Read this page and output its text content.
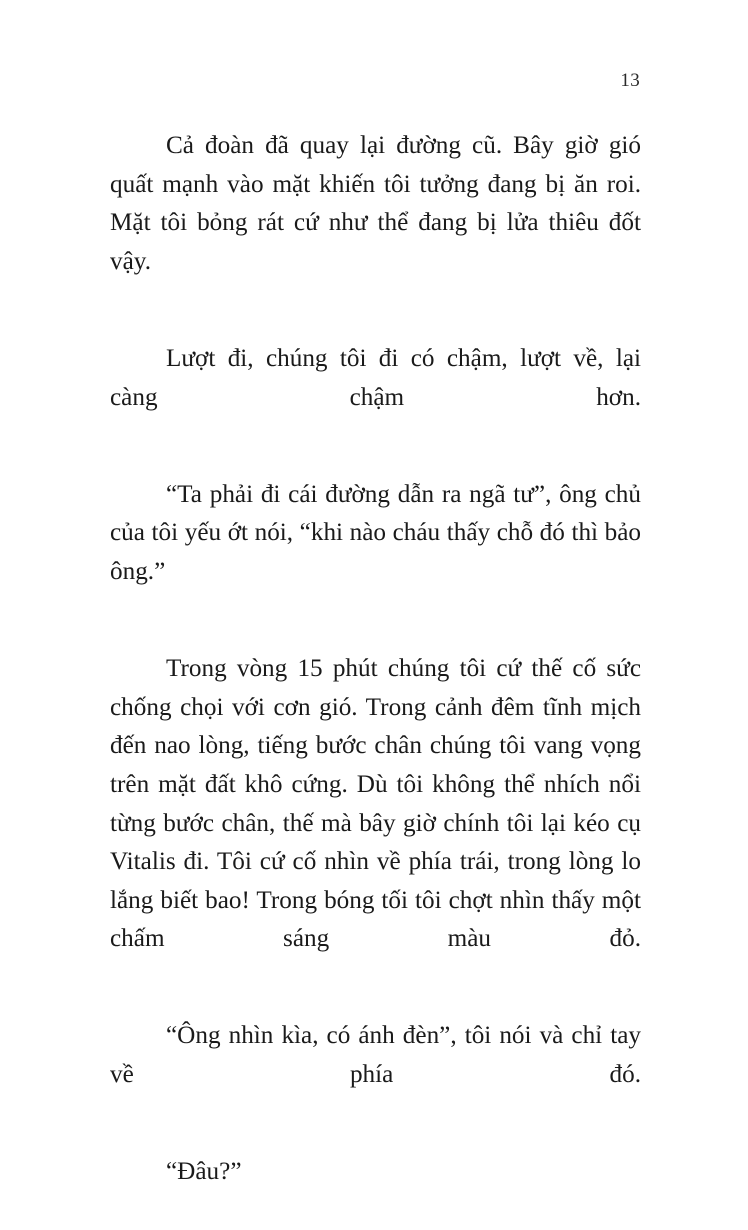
13

Cả đoàn đã quay lại đường cũ. Bây giờ gió quất mạnh vào mặt khiến tôi tưởng đang bị ăn roi. Mặt tôi bỏng rát cứ như thể đang bị lửa thiêu đốt vậy.

Lượt đi, chúng tôi đi có chậm, lượt về, lại càng chậm hơn.

“Ta phải đi cái đường dẫn ra ngã tư”, ông chủ của tôi yếu ớt nói, “khi nào cháu thấy chỗ đó thì bảo ông.”

Trong vòng 15 phút chúng tôi cứ thế cố sức chống chọi với cơn gió. Trong cảnh đêm tĩnh mịch đến nao lòng, tiếng bước chân chúng tôi vang vọng trên mặt đất khô cứng. Dù tôi không thể nhích nổi từng bước chân, thế mà bây giờ chính tôi lại kéo cụ Vitalis đi. Tôi cứ cố nhìn về phía trái, trong lòng lo lắng biết bao! Trong bóng tối tôi chợt nhìn thấy một chấm sáng màu đỏ.

“Ông nhìn kìa, có ánh đèn”, tôi nói và chỉ tay về phía đó.

“Đâu?”
